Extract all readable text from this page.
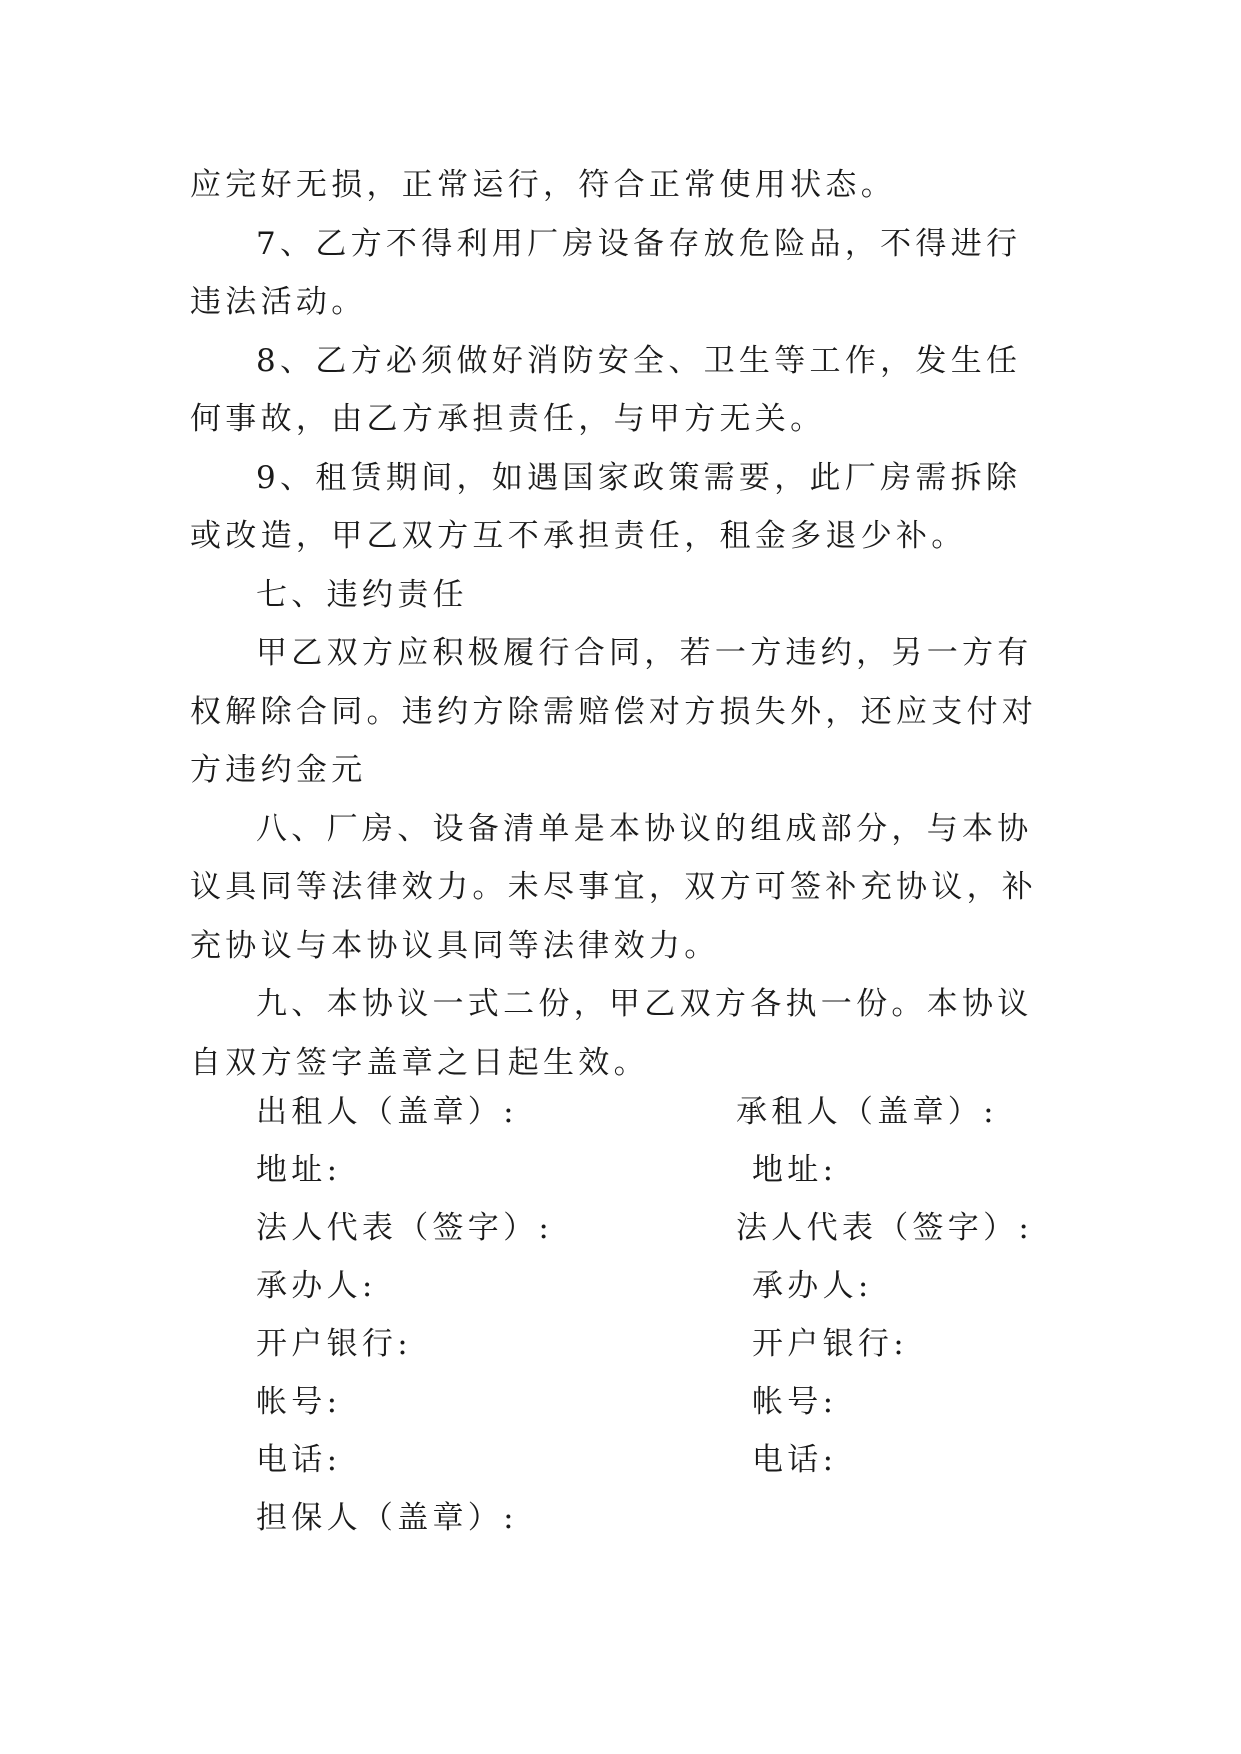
应完好无损，正常运行，符合正常使用状态。

7、乙方不得利用厂房设备存放危险品，不得进行违法活动。

8、乙方必须做好消防安全、卫生等工作，发生任何事故，由乙方承担责任，与甲方无关。

9、租赁期间，如遇国家政策需要，此厂房需拆除或改造，甲乙双方互不承担责任，租金多退少补。

七、违约责任

甲乙双方应积极履行合同，若一方违约，另一方有权解除合同。违约方除需赔偿对方损失外，还应支付对方违约金元

八、厂房、设备清单是本协议的组成部分，与本协议具同等法律效力。未尽事宜，双方可签补充协议，补充协议与本协议具同等法律效力。

九、本协议一式二份，甲乙双方各执一份。本协议自双方签字盖章之日起生效。

出租人（盖章）:
地址:
法人代表（签字）:
承办人:
开户银行:
帐号:
电话:
担保人（盖章）:
承租人（盖章）:
地址:
法人代表（签字）:
承办人:
开户银行:
帐号:
电话:
